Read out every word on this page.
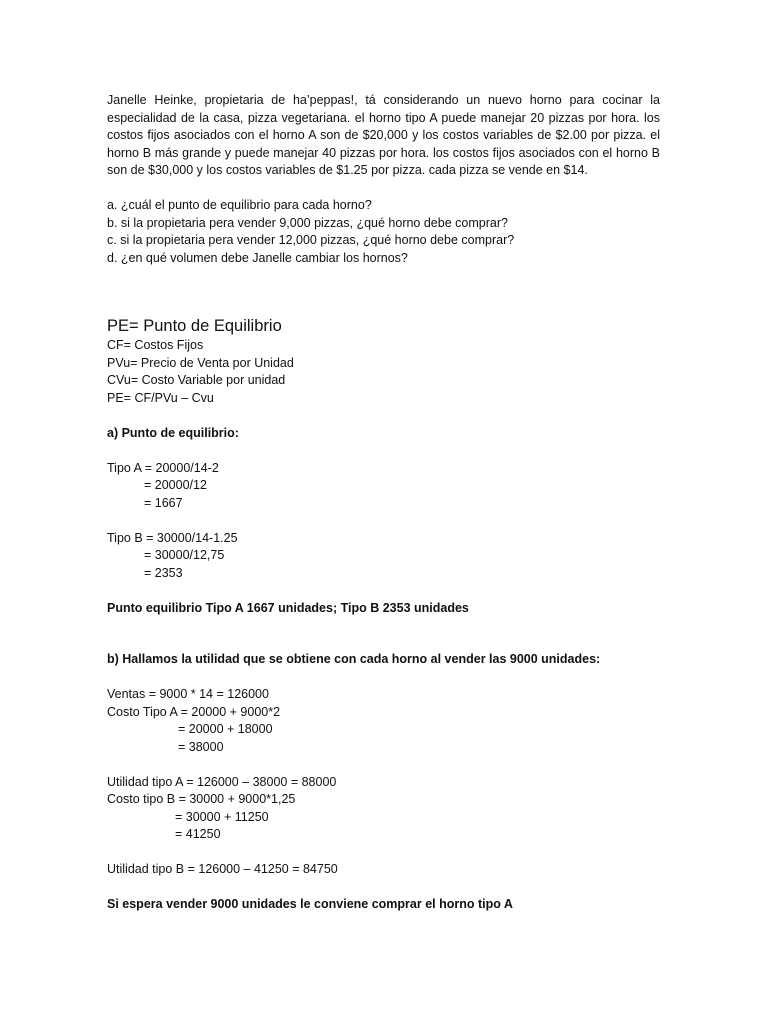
Janelle Heinke, propietaria de ha’peppas!, tá considerando un nuevo horno para cocinar la
especialidad de la casa, pizza vegetariana. el horno tipo A puede manejar 20 pizzas por hora. los
costos fijos asociados con el horno A son de $20,000 y los costos variables de $2.00 por pizza. el
horno B más grande y puede manejar 40 pizzas por hora. los costos fijos asociados con el horno B
son de $30,000 y los costos variables de $1.25 por pizza. cada pizza se vende en $14.
a. ¿cuál el punto de equilibrio para cada horno?
b. si la propietaria pera vender 9,000 pizzas, ¿qué horno debe comprar?
c. si la propietaria pera vender 12,000 pizzas, ¿qué horno debe comprar?
d. ¿en qué volumen debe Janelle cambiar los hornos?
PE= Punto de Equilibrio
CF= Costos Fijos
PVu= Precio de Venta por Unidad
CVu= Costo Variable por unidad
PE= CF/PVu – Cvu
a) Punto de equilibrio:
Tipo A = 20000/14-2
= 20000/12
= 1667
Tipo B = 30000/14-1.25
= 30000/12,75
= 2353
Punto equilibrio Tipo A 1667 unidades; Tipo B 2353 unidades
b) Hallamos la utilidad que se obtiene con cada horno al vender las 9000 unidades:
Ventas = 9000 * 14 = 126000
Costo Tipo A = 20000 + 9000*2
= 20000 + 18000
= 38000
Utilidad tipo A = 126000 – 38000 = 88000
Costo tipo B = 30000 + 9000*1,25
= 30000 + 11250
= 41250
Utilidad tipo B = 126000 – 41250 = 84750
Si espera vender 9000 unidades le conviene comprar el horno tipo A
